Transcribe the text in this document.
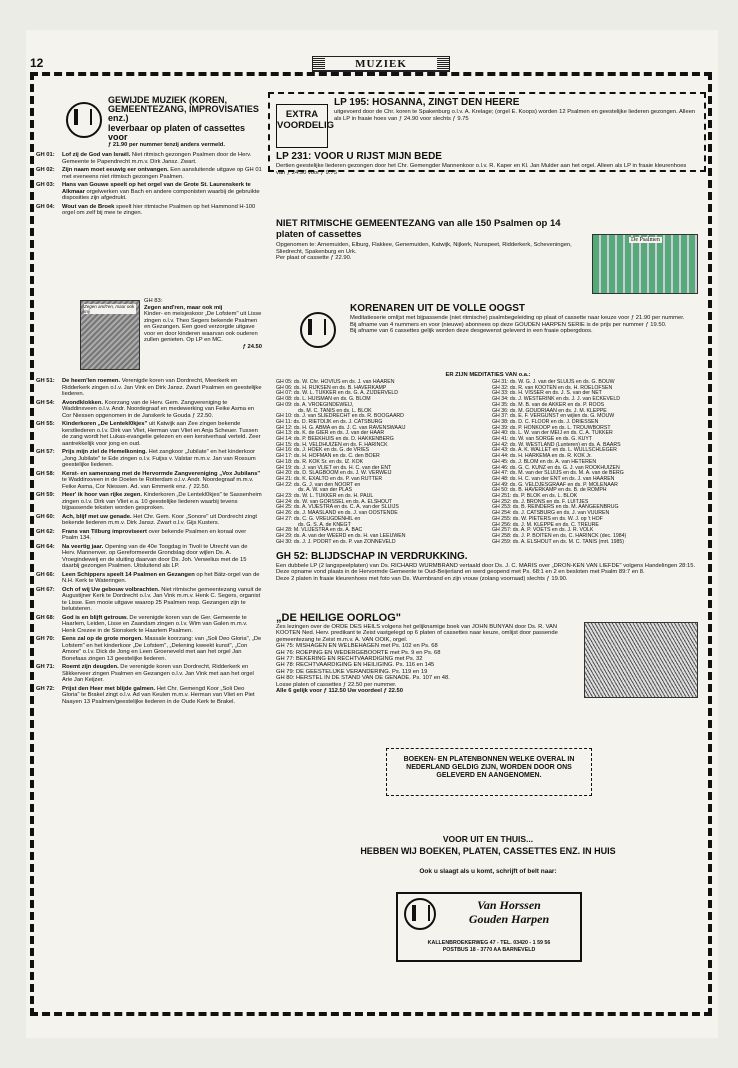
12	MUZIEK
GEWIJDE MUZIEK (KOREN, GEMEENTEZANG, IMPROVISATIES enz.)
leverbaar op platen of cassettes voor
ƒ 21.90 per nummer tenzij anders vermeld.
GH 01:	Lof zij de God van Israël. Niet ritmisch gezongen Psalmen door de Herv. Gemeente te Papendrecht m.m.v. Dirk Jansz. Zwart.
GH 02:	Zijn naam moet eeuwig eer ontvangen. Een aansluitende uitgave op GH 01 met eveneens niet ritmisch gezongen Psalmen.
GH 03:	Hans van Gouwe speelt op het orgel van de Grote St. Laurenskerk te Alkmaar orgelwerken van Bach en andere componisten waarbij de gebruikte disposities zijn afgedrukt.
GH 04:	Wout van de Broek speelt hier ritmische Psalmen op het Hammond H-100 orgel om zelf bij mee te zingen.
Zegen and'ren, maar ook mij
GH 83:
Zegen and'ren, maar ook mij
Kinder- en meisjeskoor „De Lofstem" uit Lisse zingen o.l.v. Theo Segers bekende Psalmen en Gezangen. Een goed verzorgde uitgave voor en door kinderen waarvan ook ouderen zullen genieten. Op LP en MC.
ƒ 24.50
GH 51:	De heem'len roemen. Verenigde koren van Dordrecht, Meerkerk en Ridderkerk zingen o.l.v. Jan Vink en Dirk Jansz. Zwart Psalmen en geestelijke liederen.
GH 54:	Avondklokken. Koorzang van de Herv. Gem. Zangvereniging te Waddinxveen o.l.v. Andr. Noordegraaf en medewerking van Feike Asma en Cor Niessen opgenomen in de Janskerk te Gouda ƒ 22.50.
GH 55:	Kinderkoren „De Lentekl0kjes" uit Katwijk aan Zee zingen bekende kerstliederen o.l.v. Dirk van Vliet, Herman van Vliet en Anja Scheuer. Tussen de zang wordt het Lukas-evangelie gelezen en een kerstverhaal verteld. Zeer aantrekkelijk voor jong en oud.
GH 57:	Prijs mijn ziel de Hemelkoning. Het zangkoor „Jubilate" en het kinderkoor „Jong Jubilate" te Ede zingen o.l.v. Fuijss v. Valstar m.m.v. Jan van Rossum geestelijke liederen.
GH 58:	Kerst- en samenzang met de Hervormde Zangvereniging „Vox Jubilans" te Waddinxveen in de Doelen te Rotterdam o.l.v. Andr. Noordegraaf m.m.v. Feike Asma, Cor Niessen. Ad. van Emmerik enz. ƒ 22.50.
GH 59:	Heer' ik hoor van rijke zegen. Kinderkoren „De Lentekl0kjes" te Sassenheim zingen o.l.v. Dirk van Vliet e.a. 10 geestelijke liederen waarbij tevens bijpassende teksten worden gesproken.
GH 60:	Ach, blijf met uw genade. Het Chr. Gem. Koor „Sonore" uit Dordrecht zingt bekende liederen m.m.v. Dirk Jansz. Zwart o.l.v. Gijs Kusters.
GH 62:	Frans van Tilburg improviseert over bekende Psalmen en koraal over Psalm 134.
GH 64:	Na veertig jaar. Opening van de 40e Toogdag in Tivoli te Utrecht van de Herv. Mannenver. op Gereformeerde Grondslag door wijlen Ds. A. Vroegindeweij en de sluiting daarvan door Ds. Joh. Verwelius met de 15 daarbij gezongen Psalmen. Uitsluitend als LP.
GH 66:	Leen Schippers speelt 14 Psalmen en Gezangen op het Bätz-orgel van de N.H. Kerk te Wateringen.
GH 67:	Och of wij Uw gebouw volbrachten. Niet ritmische gemeentezang vanuit de Augustijner Kerk te Dordrecht o.l.v. Jan Vink m.m.v. Henk C. Segers, organist te Lisse. Een mooie uitgave waarop 25 Psalmen resp. Gezangen zijn te beluisteren.
GH 68:	God is en blijft getrouw. De verenigde koren van de Ger. Gemeente te Haarlem, Leiden, Lisse en Zaandam zingen o.l.v. Wim van Galen m.m.v. Henk Crezee in de Sionskerk te Haarlem Psalmen.
GH 70:	Eens zal op de grote morgen. Massale koorzang: van „Soli Deo Gloria", „De Lofstem" en het kinderkoor „De Lofstem", „Delening kweekt kunst", „Con Amore" o.l.v. Dick de Jong en Leen Groeneveld met aan het orgel Jan Bonefaas zingen 13 geestelijke liederen.
GH 71:	Roemt zijn deugden. De verenigde koren van Dordrecht, Ridderkerk en Slikkerveer zingen Psalmen en Gezangen o.l.v. Jan Vink met aan het orgel Arie Jan Keijzer.
GH 72:	Prijst den Heer met blijde galmen. Het Chr. Gemengd Koor „Soli Deo Gloria" te Brakel zingt o.l.v. Ad van Keulen m.m.v. Herman van Vliet en Piet Naayen 13 Psalmen/geestelijke liederen in de Oude Kerk te Brakel.
EXTRA VOORDELIG
LP 195: HOSANNA, ZINGT DEN HEERE
uitgevoerd door de Chr. koren te Spakenburg o.l.v. A. Krelage; (orgel E. Koops) worden 12 Psalmen en geestelijke liederen gezongen. Alleen als LP in fraaie hoes van ƒ 24.90 voor slechts ƒ 9.75
LP 231: VOOR U RIJST MIJN BEDE
Dertien geestelijke liederen gezongen door het Chr. Gemengder Mannenkoor o.l.v. R. Kaper en Kl. Jan Mulder aan het orgel. Alleen als LP in fraaie kleurenhoes van ƒ 24.90 voor ƒ 9.75
NIET RITMISCHE GEMEENTEZANG van alle 150 Psalmen op 14 platen of cassettes
Opgenomen te: Arnemuiden, Elburg, Flakkee, Genemuiden, Katwijk, Nijkerk, Nunspeet, Ridderkerk, Scheveningen, Sliedrecht, Spakenburg en Urk.
Per plaat of cassette ƒ 22.90.
De Psalmen
KORENAREN UIT DE VOLLE OOGST
Meditatieserie omlijst met bijpassende (niet ritmische) psalmbegeleiding op plaat of cassette naar keuze voor ƒ 21.90 per nummer.
Bij afname van 4 nummers en voor (nieuwe) abonnees op deze GOUDEN HARPEN SERIE is de prijs per nummer ƒ 19.50.
Bij afname van 6 cassettes gelijk worden deze desgewenst geleverd in een fraaie opbergdoos.
ER ZIJN MEDITATIES VAN o.a.:
GH 05: ds. W. Chr. HOVIUS en ds. J. van HAAREN
GH 06: ds. H. RIJKSEN en ds. B. HAVERKAMP
GH 07: ds. W. L. TUKKER en ds. G. A. ZIJDERVELD
GH 08: ds. L. HUISMAN en ds. G. BLOM
GH 09: ds. A. VROEGINDEWEIJ,
ds. M. C. TANIS en ds. L. BLOK
GH 10: ds. J. van SLIEDRECHT en ds. R. BOOGAARD
GH 11: ds. D. RIETDIJK en ds. J. CATSBURG
GH 12: ds. H. G. ABMA en ds. J. C. van RAVENSWAAIJ
GH 13: ds. K. de GIER en ds. J. van der HAAR
GH 14: ds. P. BEEKHUIS en ds. D. HAKKENBERG
GH 15: ds. H. VELDHUIZEN en ds. F. HARINCK
GH 16: ds. J. HOEK en ds. G. de VRIES
GH 17: ds. H. HOFMAN en ds. C. den BOER
GH 18: ds. R. KOK Sr. en ds. IZ. KOK
GH 19: ds. J. van VLIET en ds. H. C. van der ENT
GH 20: ds. D. SLAGBOOM en ds. J. W. VERWEIJ
GH 21: ds. K. EXALTO en ds. P. van RUTTER
GH 22: ds. G. J. van den NOORT en
ds. A. W. van der PLAS
GH 23: ds. W. L. TUKKER en ds. H. PAUL
GH 24: ds. W. van GORSSEL en ds. A. ELSHOUT
GH 25: ds. A. VIJESTRA en ds. C. A. van der SLUIJS
GH 26: ds. J. MAASLAND en ds. J. van OOSTENDE
GH 27: ds. C. G. VREUGDENHIL en
ds. G. S. A. de KNEGT
GH 28: M. VLIJESTRA en ds. A. BAC
GH 29: ds. A. van der WEERD en ds. H. van LEEUWEN
GH 30: ds. J. J. POORT en ds. P. van ZONNEVELD
GH 31: ds. W. G. J. van der SLUIJS en ds. G. BOUW
GH 32: ds. R. van KOOTEN en ds. H. ROELOFSEN
GH 33: ds. H. VISSER en ds. J. S. van der NET
GH 34: ds. J. WESTERINK en ds. J. J. van ECKEVELD
GH 35: ds. M. B. van de AKKER en ds. P. ROOS
GH 36: ds. M. GOUDRIAAN en ds. J. M. KLEPPE
GH 37: ds. E. F. VERGUNST en wijlen ds. G. MOUW
GH 38: ds. D. C. FLOOR en ds. J. DRIESSEN
GH 39: ds. P. HONKOOP en ds. L. TROUWBORST
GH 40: ds. L. W. van der MEIJ en ds. C. A. TUKKER
GH 41: ds. W. van SORGE en ds. G. KUYT
GH 42: ds. W. WESTLAND (Lunteren) en ds. A. BAARS
GH 43: ds. A. K. WALLET en ds. L. WULLSCHLEGER
GH 44: ds. H. HARKEMA en ds. R. KOK Jr.
GH 45: ds. J. BLOM en ds. A. van HETEREN
GH 46: ds. G. C. KUNZ en ds. G. J. van ROOKHUIZEN
GH 47: ds. M. van der SLUIJS en ds. M. A. van de BERG
GH 48: ds. H. C. van der ENT en ds. J. van HAAREN
GH 49: ds. G. VELDJESGRAAF en ds. P. MOLENAAR
GH 50: ds. B. HAVERKAMP en ds. B. de ROMPH
GH 251: ds. P. BLOK en ds. L. BLOK
GH 252: ds. J. BRONS en ds. F. LUITJES
GH 253: ds. B. REINDERS en ds. M. AANGEENBRUG
GH 254: ds. J. CATSBURG en ds. J. van VUUREN
GH 255: ds. W. PIETERS en ds. W. J. op 't HOF
GH 256: ds. J. M. KLEPPE en ds. C. TREURE
GH 257: ds. A. P. VOETS en ds. J. R. VOLK
GH 258: ds. J. P. BOITEN en ds. C. HARINCK (dec. 1984)
GH 259: ds. A. ELSHOUT en ds. M. C. TANIS (mrt. 1985)
GH 52: BLIJDSCHAP IN VERDRUKKING.
Een dubbele LP (2 langspeelplaten) van Ds. RICHARD WURMBRAND vertaald door Ds. J. C. MARIS over „DRON-KEN VAN LIEFDE" volgens Handelingen 28:15. Deze opname vond plaats in de Hervormde Gemeente te Oud-Beijerland en werd geopend met Ps. 68:1 en 2 en besloten met Psalm 89:7 en 8.
Deze 2 platen in fraaie kleurenhoes met foto van Ds. Wurmbrand en zijn vrouw (zolang voorraad) slechts ƒ 19.90.
„DE HEILIGE OORLOG"
Zes lezingen over de ORDE DES HEILS volgens het gelijknamige boek van JOHN BUNYAN door Ds. R. VAN KOOTEN Ned. Herv. predikant te Zeist vastgelegd op 6 platen of cassettes naar keuze, omlijst door passende gemeentezang te Zeist m.m.v. A. VAN OOIK, orgel.
GH 75: MISHAGEN EN WELBEHAGEN met Ps. 102 en Ps. 68
GH 76: ROEPING EN WEDERGEBOORTE met Ps. 9 en Ps. 68
GH 77: BEKERING EN RECHTVAARDIGING met Ps. 32
GH 78: RECHTVAARDIGING EN HEILIGING. Ps. 116 en 145
GH 79: DE GEESTELIJKE VERANDERING. Ps. 119 en 19
GH 80: HERSTEL IN DE STAND VAN DE GENADE. Ps. 107 en 48.
Losse platen of cassettes ƒ 22.50 per nummer.
Alle 6 gelijk voor ƒ 112.50 Uw voordeel ƒ 22.50
BOEKEN- EN PLATENBONNEN WELKE OVERAL IN NEDERLAND GELDIG ZIJN, WORDEN DOOR ONS GELEVERD EN AANGENOMEN.
VOOR UIT EN THUIS...
HEBBEN WIJ BOEKEN, PLATEN, CASSETTES ENZ. IN HUIS
Ook u slaagt als u komt, schrijft of belt naar:
Van Horssen
Gouden Harpen
KALLENBROEKERWEG 47 - TEL. 03420 - 1 59 56
POSTBUS 18 - 3770 AA BARNEVELD
